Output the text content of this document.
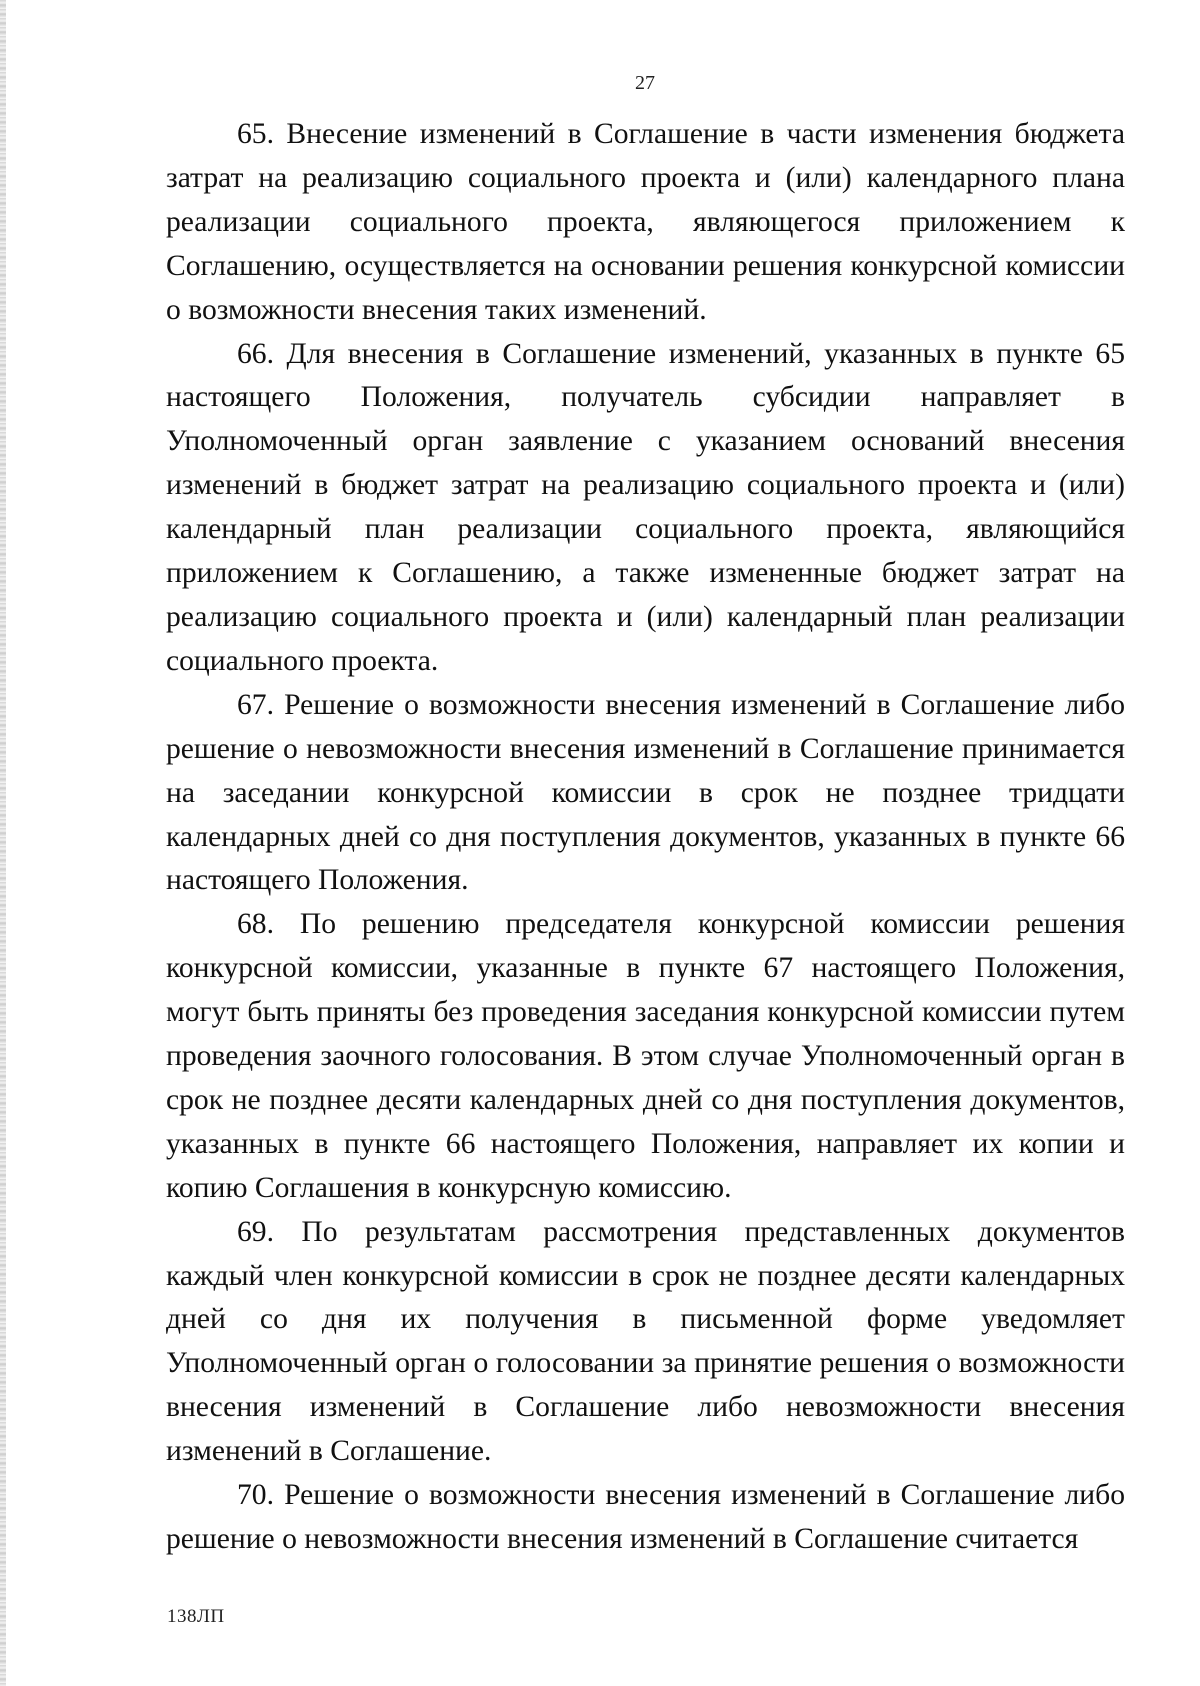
27

65. Внесение изменений в Соглашение в части изменения бюджета затрат на реализацию социального проекта и (или) календарного плана реализации социального проекта, являющегося приложением к Соглашению, осуществляется на основании решения конкурсной комиссии о возможности внесения таких изменений.

66. Для внесения в Соглашение изменений, указанных в пункте 65 настоящего Положения, получатель субсидии направляет в Уполномоченный орган заявление с указанием оснований внесения изменений в бюджет затрат на реализацию социального проекта и (или) календарный план реализации социального проекта, являющийся приложением к Соглашению, а также измененные бюджет затрат на реализацию социального проекта и (или) календарный план реализации социального проекта.

67. Решение о возможности внесения изменений в Соглашение либо решение о невозможности внесения изменений в Соглашение принимается на заседании конкурсной комиссии в срок не позднее тридцати календарных дней со дня поступления документов, указанных в пункте 66 настоящего Положения.

68. По решению председателя конкурсной комиссии решения конкурсной комиссии, указанные в пункте 67 настоящего Положения, могут быть приняты без проведения заседания конкурсной комиссии путем проведения заочного голосования. В этом случае Уполномоченный орган в срок не позднее десяти календарных дней со дня поступления документов, указанных в пункте 66 настоящего Положения, направляет их копии и копию Соглашения в конкурсную комиссию.

69. По результатам рассмотрения представленных документов каждый член конкурсной комиссии в срок не позднее десяти календарных дней со дня их получения в письменной форме уведомляет Уполномоченный орган о голосовании за принятие решения о возможности внесения изменений в Соглашение либо невозможности внесения изменений в Соглашение.

70. Решение о возможности внесения изменений в Соглашение либо решение о невозможности внесения изменений в Соглашение считается

138ЛП
